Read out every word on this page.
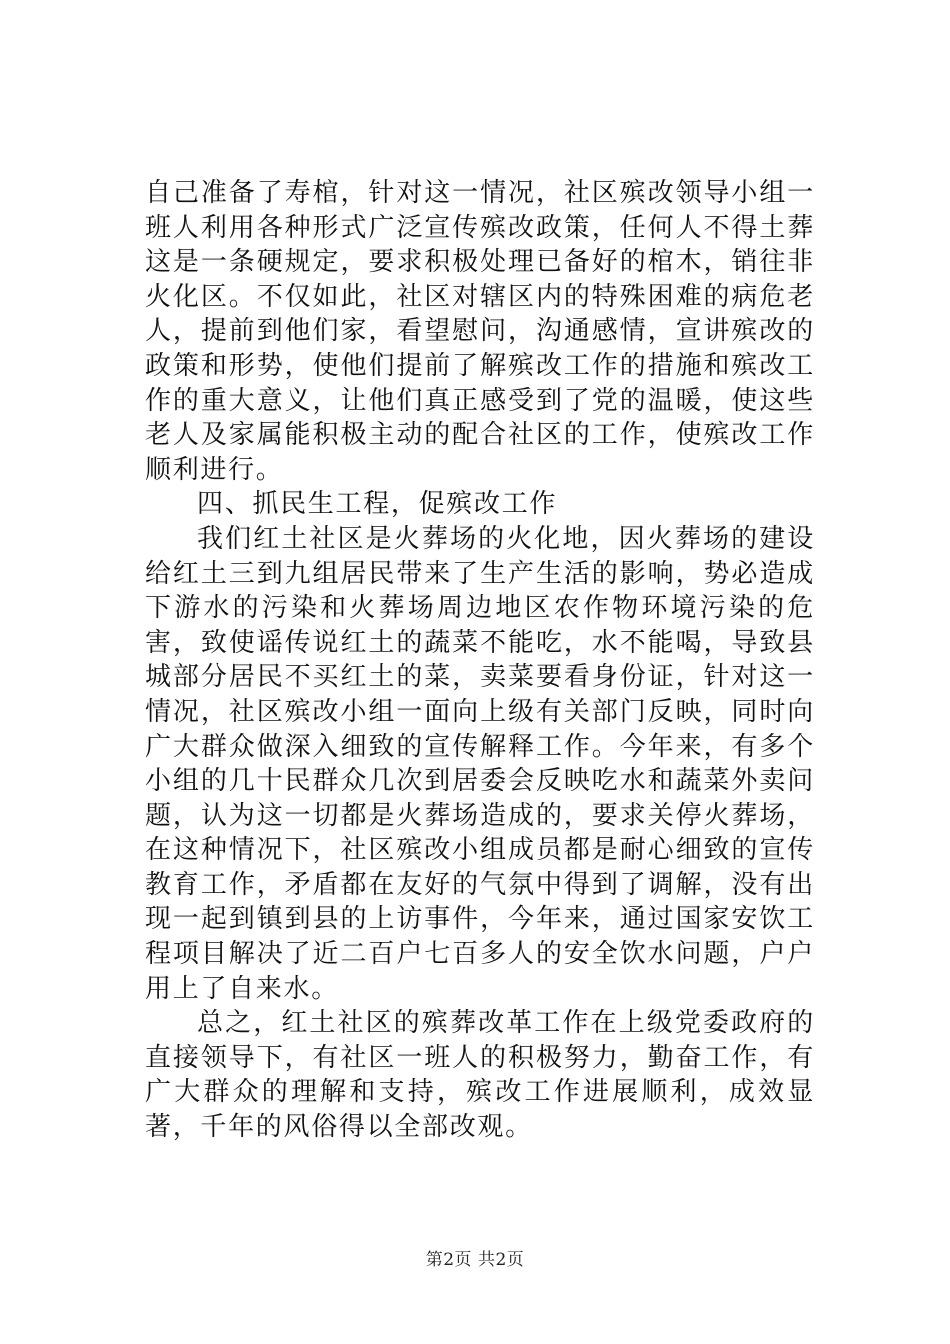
自己准备了寿棺，针对这一情况，社区殡改领导小组一班人利用各种形式广泛宣传殡改政策，任何人不得土葬这是一条硬规定，要求积极处理已备好的棺木，销往非火化区。不仅如此，社区对辖区内的特殊困难的病危老人，提前到他们家，看望慰问，沟通感情，宣讲殡改的政策和形势，使他们提前了解殡改工作的措施和殡改工作的重大意义，让他们真正感受到了党的温暖，使这些老人及家属能积极主动的配合社区的工作，使殡改工作顺利进行。

四、抓民生工程，促殡改工作

我们红土社区是火葬场的火化地，因火葬场的建设给红土三到九组居民带来了生产生活的影响，势必造成下游水的污染和火葬场周边地区农作物环境污染的危害，致使谣传说红土的蔬菜不能吃，水不能喝，导致县城部分居民不买红土的菜，卖菜要看身份证，针对这一情况，社区殡改小组一面向上级有关部门反映，同时向广大群众做深入细致的宣传解释工作。今年来，有多个小组的几十民群众几次到居委会反映吃水和蔬菜外卖问题，认为这一切都是火葬场造成的，要求关停火葬场，在这种情况下，社区殡改小组成员都是耐心细致的宣传教育工作，矛盾都在友好的气氛中得到了调解，没有出现一起到镇到县的上访事件，今年来，通过国家安饮工程项目解决了近二百户七百多人的安全饮水问题，户户用上了自来水。

总之，红土社区的殡葬改革工作在上级党委政府的直接领导下，有社区一班人的积极努力，勤奋工作，有广大群众的理解和支持，殡改工作进展顺利，成效显著，千年的风俗得以全部改观。

第2页 共2页
